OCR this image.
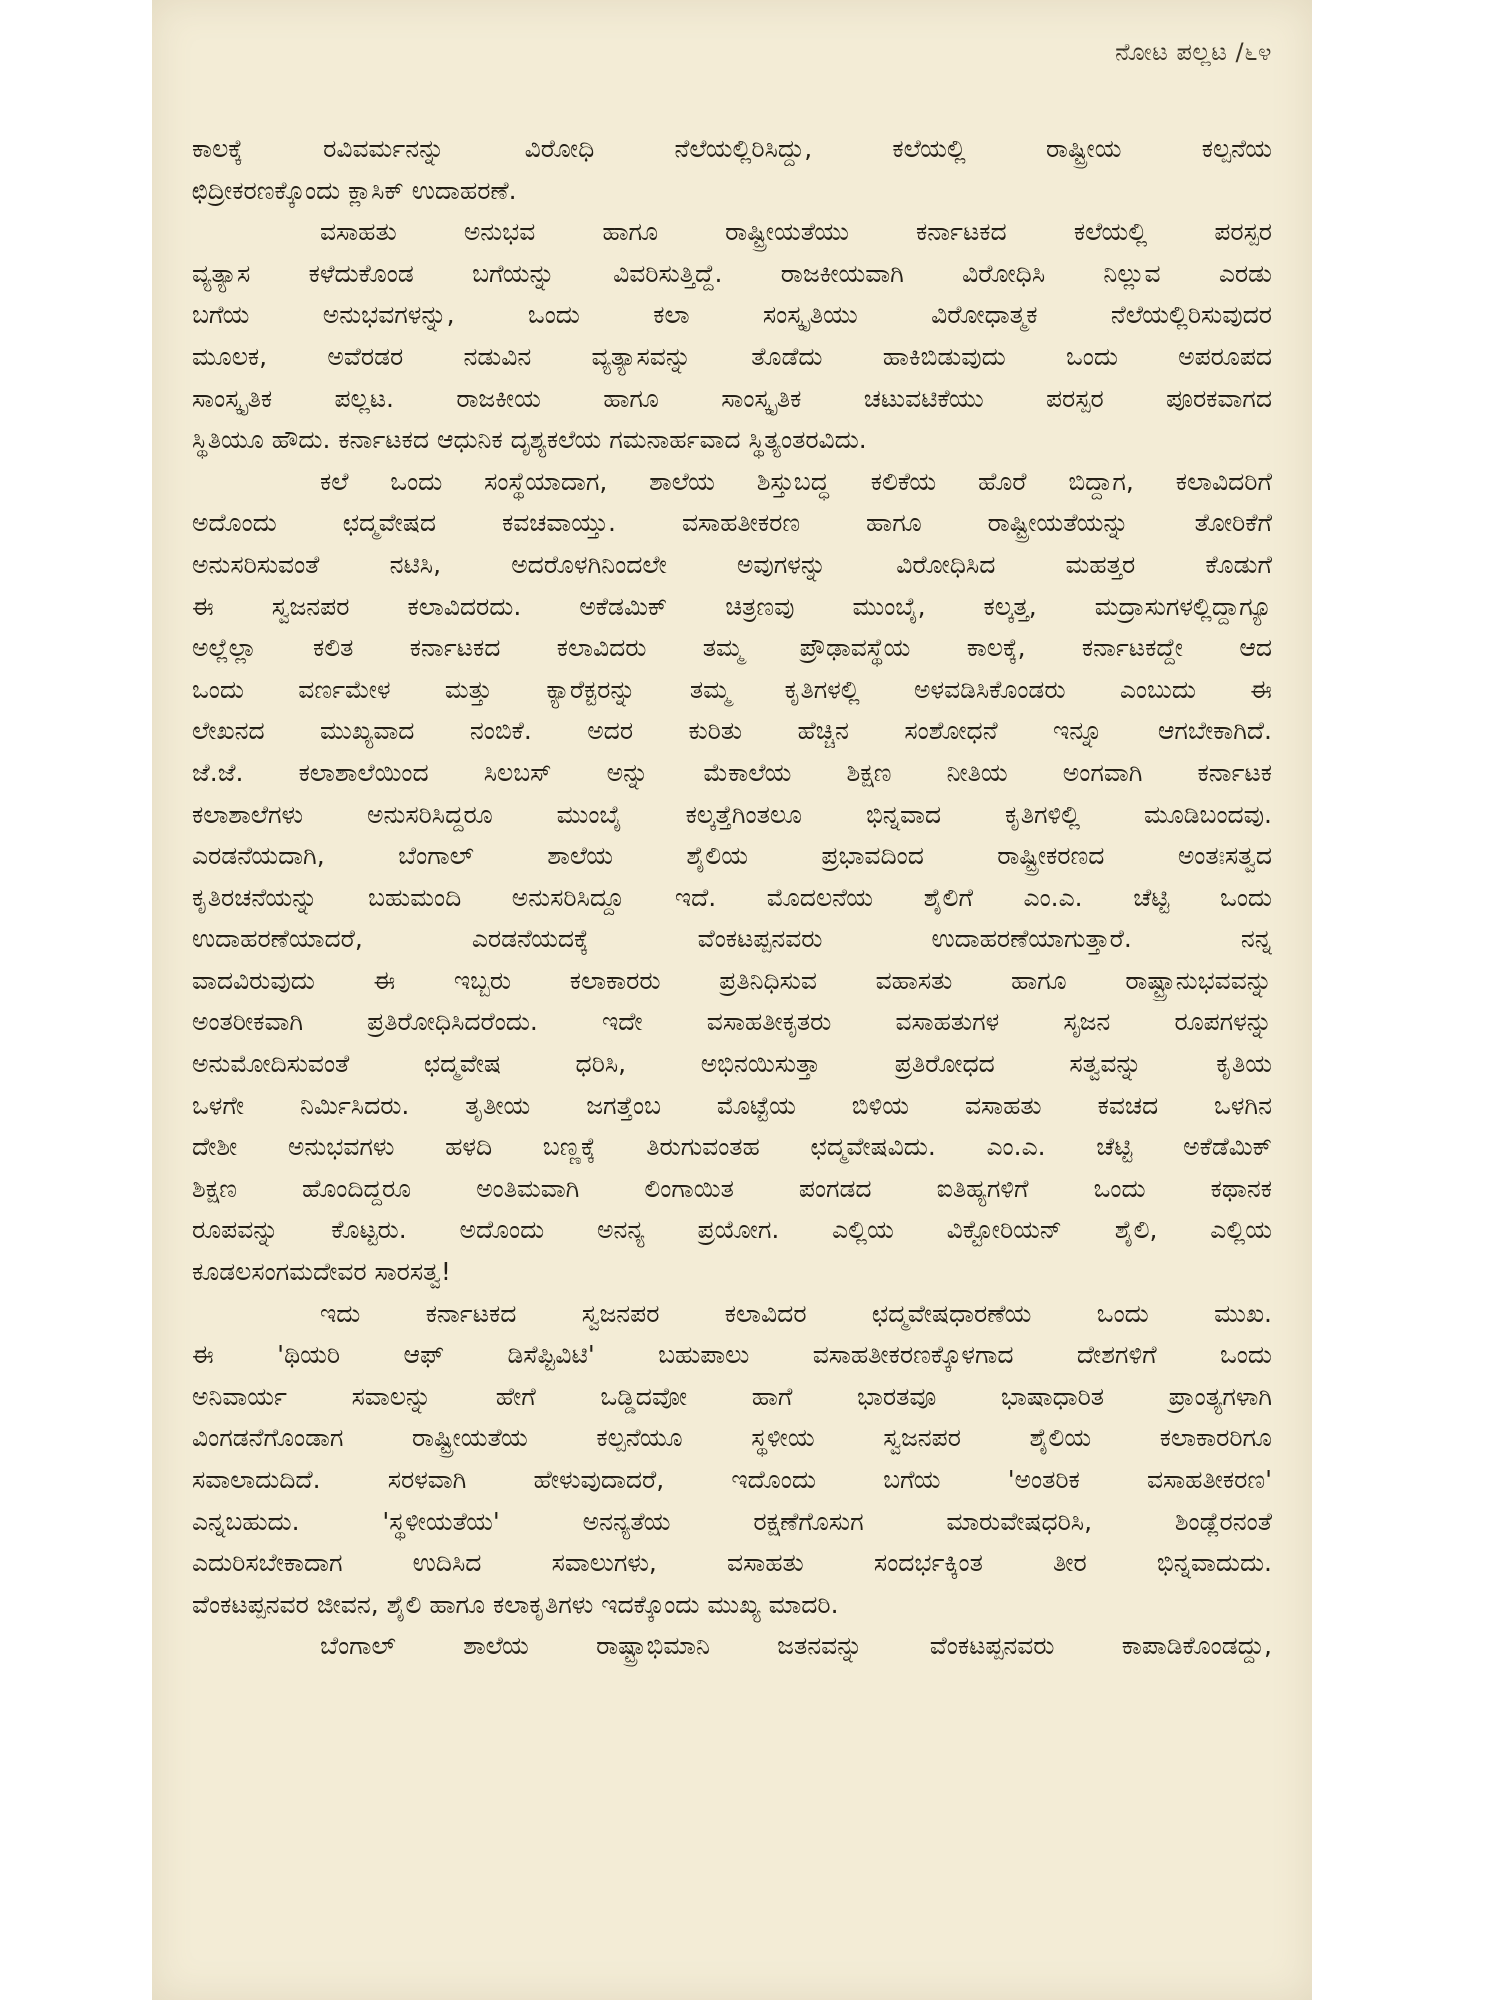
ನೋಟ ಪಲ್ಲಟ /೬೪
ಕಾಲಕ್ಕೆ ರವಿವರ್ಮನನ್ನು ವಿರೋಧಿ ನೆಲೆಯಲ್ಲಿರಿಸಿದ್ದು, ಕಲೆಯಲ್ಲಿ ರಾಷ್ಟ್ರೀಯ ಕಲ್ಪನೆಯ
ಛಿದ್ರೀಕರಣಕ್ಕೊಂದು ಕ್ಲಾಸಿಕ್ ಉದಾಹರಣೆ.
ವಸಾಹತು ಅನುಭವ ಹಾಗೂ ರಾಷ್ಟ್ರೀಯತೆಯು ಕರ್ನಾಟಕದ ಕಲೆಯಲ್ಲಿ ಪರಸ್ಪರ
ವ್ಯತ್ಯಾಸ ಕಳೆದುಕೊಂಡ ಬಗೆಯನ್ನು ವಿವರಿಸುತ್ತಿದ್ದೆ. ರಾಜಕೀಯವಾಗಿ ವಿರೋಧಿಸಿ ನಿಲ್ಲುವ ಎರಡು
ಬಗೆಯ ಅನುಭವಗಳನ್ನು, ಒಂದು ಕಲಾ ಸಂಸ್ಕೃತಿಯು ವಿರೋಧಾತ್ಮಕ ನೆಲೆಯಲ್ಲಿರಿಸುವುದರ
ಮೂಲಕ, ಅವೆರಡರ ನಡುವಿನ ವ್ಯತ್ಯಾಸವನ್ನು ತೊಡೆದು ಹಾಕಿಬಿಡುವುದು ಒಂದು ಅಪರೂಪದ
ಸಾಂಸ್ಕೃತಿಕ ಪಲ್ಲಟ. ರಾಜಕೀಯ ಹಾಗೂ ಸಾಂಸ್ಕೃತಿಕ ಚಟುವಟಿಕೆಯು ಪರಸ್ಪರ ಪೂರಕವಾಗದ
ಸ್ಥಿತಿಯೂ ಹೌದು. ಕರ್ನಾಟಕದ ಆಧುನಿಕ ದೃಶ್ಯಕಲೆಯ ಗಮನಾರ್ಹವಾದ ಸ್ಥಿತ್ಯಂತರವಿದು.
ಕಲೆ ಒಂದು ಸಂಸ್ಥೆಯಾದಾಗ, ಶಾಲೆಯ ಶಿಸ್ತುಬದ್ಧ ಕಲಿಕೆಯ ಹೊರೆ ಬಿದ್ದಾಗ, ಕಲಾವಿದರಿಗೆ
ಅದೊಂದು ಛದ್ಮವೇಷದ ಕವಚವಾಯ್ತು. ವಸಾಹತೀಕರಣ ಹಾಗೂ ರಾಷ್ಟ್ರೀಯತೆಯನ್ನು ತೋರಿಕೆಗೆ
ಅನುಸರಿಸುವಂತೆ ನಟಿಸಿ, ಅದರೊಳಗಿನಿಂದಲೇ ಅವುಗಳನ್ನು ವಿರೋಧಿಸಿದ ಮಹತ್ತರ ಕೊಡುಗೆ
ಈ ಸ್ವಜನಪರ ಕಲಾವಿದರದು. ಅಕೆಡಮಿಕ್ ಚಿತ್ರಣವು ಮುಂಬೈ, ಕಲ್ಕತ್ತ, ಮದ್ರಾಸುಗಳಲ್ಲಿದ್ದಾಗ್ಯೂ
ಅಲ್ಲೆಲ್ಲಾ ಕಲಿತ ಕರ್ನಾಟಕದ ಕಲಾವಿದರು ತಮ್ಮ ಪ್ರೌಢಾವಸ್ಥೆಯ ಕಾಲಕ್ಕೆ, ಕರ್ನಾಟಕದ್ದೇ ಆದ
ಒಂದು ವರ್ಣಮೇಳ ಮತ್ತು ಕ್ಯಾರೆಕ್ಟರನ್ನು ತಮ್ಮ ಕೃತಿಗಳಲ್ಲಿ ಅಳವಡಿಸಿಕೊಂಡರು ಎಂಬುದು ಈ
ಲೇಖನದ ಮುಖ್ಯವಾದ ನಂಬಿಕೆ. ಅದರ ಕುರಿತು ಹೆಚ್ಚಿನ ಸಂಶೋಧನೆ ಇನ್ನೂ ಆಗಬೇಕಾಗಿದೆ.
ಜೆ.ಜೆ. ಕಲಾಶಾಲೆಯಿಂದ ಸಿಲಬಸ್ ಅನ್ನು ಮೆಕಾಲೆಯ ಶಿಕ್ಷಣ ನೀತಿಯ ಅಂಗವಾಗಿ ಕರ್ನಾಟಕ
ಕಲಾಶಾಲೆಗಳು ಅನುಸರಿಸಿದ್ದರೂ ಮುಂಬೈ ಕಲ್ಕತ್ತೆಗಿಂತಲೂ ಭಿನ್ನವಾದ ಕೃತಿಗಳಿಲ್ಲಿ ಮೂಡಿಬಂದವು.
ಎರಡನೆಯದಾಗಿ, ಬೆಂಗಾಲ್ ಶಾಲೆಯ ಶೈಲಿಯ ಪ್ರಭಾವದಿಂದ ರಾಷ್ಟ್ರೀಕರಣದ ಅಂತಃಸತ್ವದ
ಕೃತಿರಚನೆಯನ್ನು ಬಹುಮಂದಿ ಅನುಸರಿಸಿದ್ದೂ ಇದೆ. ಮೊದಲನೆಯ ಶೈಲಿಗೆ ಎಂ.ಎ. ಚೆಟ್ಟಿ ಒಂದು
ಉದಾಹರಣೆಯಾದರೆ, ಎರಡನೆಯದಕ್ಕೆ ವೆಂಕಟಪ್ಪನವರು ಉದಾಹರಣೆಯಾಗುತ್ತಾರೆ. ನನ್ನ
ವಾದವಿರುವುದು ಈ ಇಬ್ಬರು ಕಲಾಕಾರರು ಪ್ರತಿನಿಧಿಸುವ ವಹಾಸತು ಹಾಗೂ ರಾಷ್ಟ್ರಾನುಭವವನ್ನು
ಅಂತರೀಕವಾಗಿ ಪ್ರತಿರೋಧಿಸಿದರೆಂದು. ಇದೇ ವಸಾಹತೀಕೃತರು ವಸಾಹತುಗಳ ಸೃಜನ ರೂಪಗಳನ್ನು
ಅನುಮೋದಿಸುವಂತೆ ಛದ್ಮವೇಷ ಧರಿಸಿ, ಅಭಿನಯಿಸುತ್ತಾ ಪ್ರತಿರೋಧದ ಸತ್ವವನ್ನು ಕೃತಿಯ
ಒಳಗೇ ನಿರ್ಮಿಸಿದರು. ತೃತೀಯ ಜಗತ್ತೆಂಬ ಮೊಟ್ಟೆಯ ಬಿಳಿಯ ವಸಾಹತು ಕವಚದ ಒಳಗಿನ
ದೇಶೀ ಅನುಭವಗಳು ಹಳದಿ ಬಣ್ಣಕ್ಕೆ ತಿರುಗುವಂತಹ ಛದ್ಮವೇಷವಿದು. ಎಂ.ಎ. ಚೆಟ್ಟಿ ಅಕೆಡೆಮಿಕ್
ಶಿಕ್ಷಣ ಹೊಂದಿದ್ದರೂ ಅಂತಿಮವಾಗಿ ಲಿಂಗಾಯಿತ ಪಂಗಡದ ಐತಿಹ್ಯಗಳಿಗೆ ಒಂದು ಕಥಾನಕ
ರೂಪವನ್ನು ಕೊಟ್ಟರು. ಅದೊಂದು ಅನನ್ಯ ಪ್ರಯೋಗ. ಎಲ್ಲಿಯ ವಿಕ್ಟೋರಿಯನ್ ಶೈಲಿ, ಎಲ್ಲಿಯ
ಕೂಡಲಸಂಗಮದೇವರ ಸಾರಸತ್ವ!
ಇದು ಕರ್ನಾಟಕದ ಸ್ವಜನಪರ ಕಲಾವಿದರ ಛದ್ಮವೇಷಧಾರಣೆಯ ಒಂದು ಮುಖ.
ಈ 'ಥಿಯರಿ ಆಫ್ ಡಿಸೆಪ್ಟಿವಿಟಿ' ಬಹುಪಾಲು ವಸಾಹತೀಕರಣಕ್ಕೊಳಗಾದ ದೇಶಗಳಿಗೆ ಒಂದು
ಅನಿವಾರ್ಯ ಸವಾಲನ್ನು ಹೇಗೆ ಒಡ್ಡಿದವೋ ಹಾಗೆ ಭಾರತವೂ ಭಾಷಾಧಾರಿತ ಪ್ರಾಂತ್ಯಗಳಾಗಿ
ವಿಂಗಡನೆಗೊಂಡಾಗ ರಾಷ್ಟ್ರೀಯತೆಯ ಕಲ್ಪನೆಯೂ ಸ್ಥಳೀಯ ಸ್ವಜನಪರ ಶೈಲಿಯ ಕಲಾಕಾರರಿಗೂ
ಸವಾಲಾದುದಿದೆ. ಸರಳವಾಗಿ ಹೇಳುವುದಾದರೆ, ಇದೊಂದು ಬಗೆಯ 'ಅಂತರಿಕ ವಸಾಹತೀಕರಣ'
ಎನ್ನಬಹುದು. 'ಸ್ಥಳೀಯತೆಯ' ಅನನ್ಯತೆಯ ರಕ್ಷಣೆಗೊಸುಗ ಮಾರುವೇಷಧರಿಸಿ, ಶಿಂಡ್ಲೆರನಂತೆ
ಎದುರಿಸಬೇಕಾದಾಗ ಉದಿಸಿದ ಸವಾಲುಗಳು, ವಸಾಹತು ಸಂದರ್ಭಕ್ಕಿಂತ ತೀರ ಭಿನ್ನವಾದುದು.
ವೆಂಕಟಪ್ಪನವರ ಜೀವನ, ಶೈಲಿ ಹಾಗೂ ಕಲಾಕೃತಿಗಳು ಇದಕ್ಕೊಂದು ಮುಖ್ಯ ಮಾದರಿ.
ಬೆಂಗಾಲ್ ಶಾಲೆಯ ರಾಷ್ಟ್ರಾಭಿಮಾನಿ ಜತನವನ್ನು ವೆಂಕಟಪ್ಪನವರು ಕಾಪಾಡಿಕೊಂಡದ್ದು,
